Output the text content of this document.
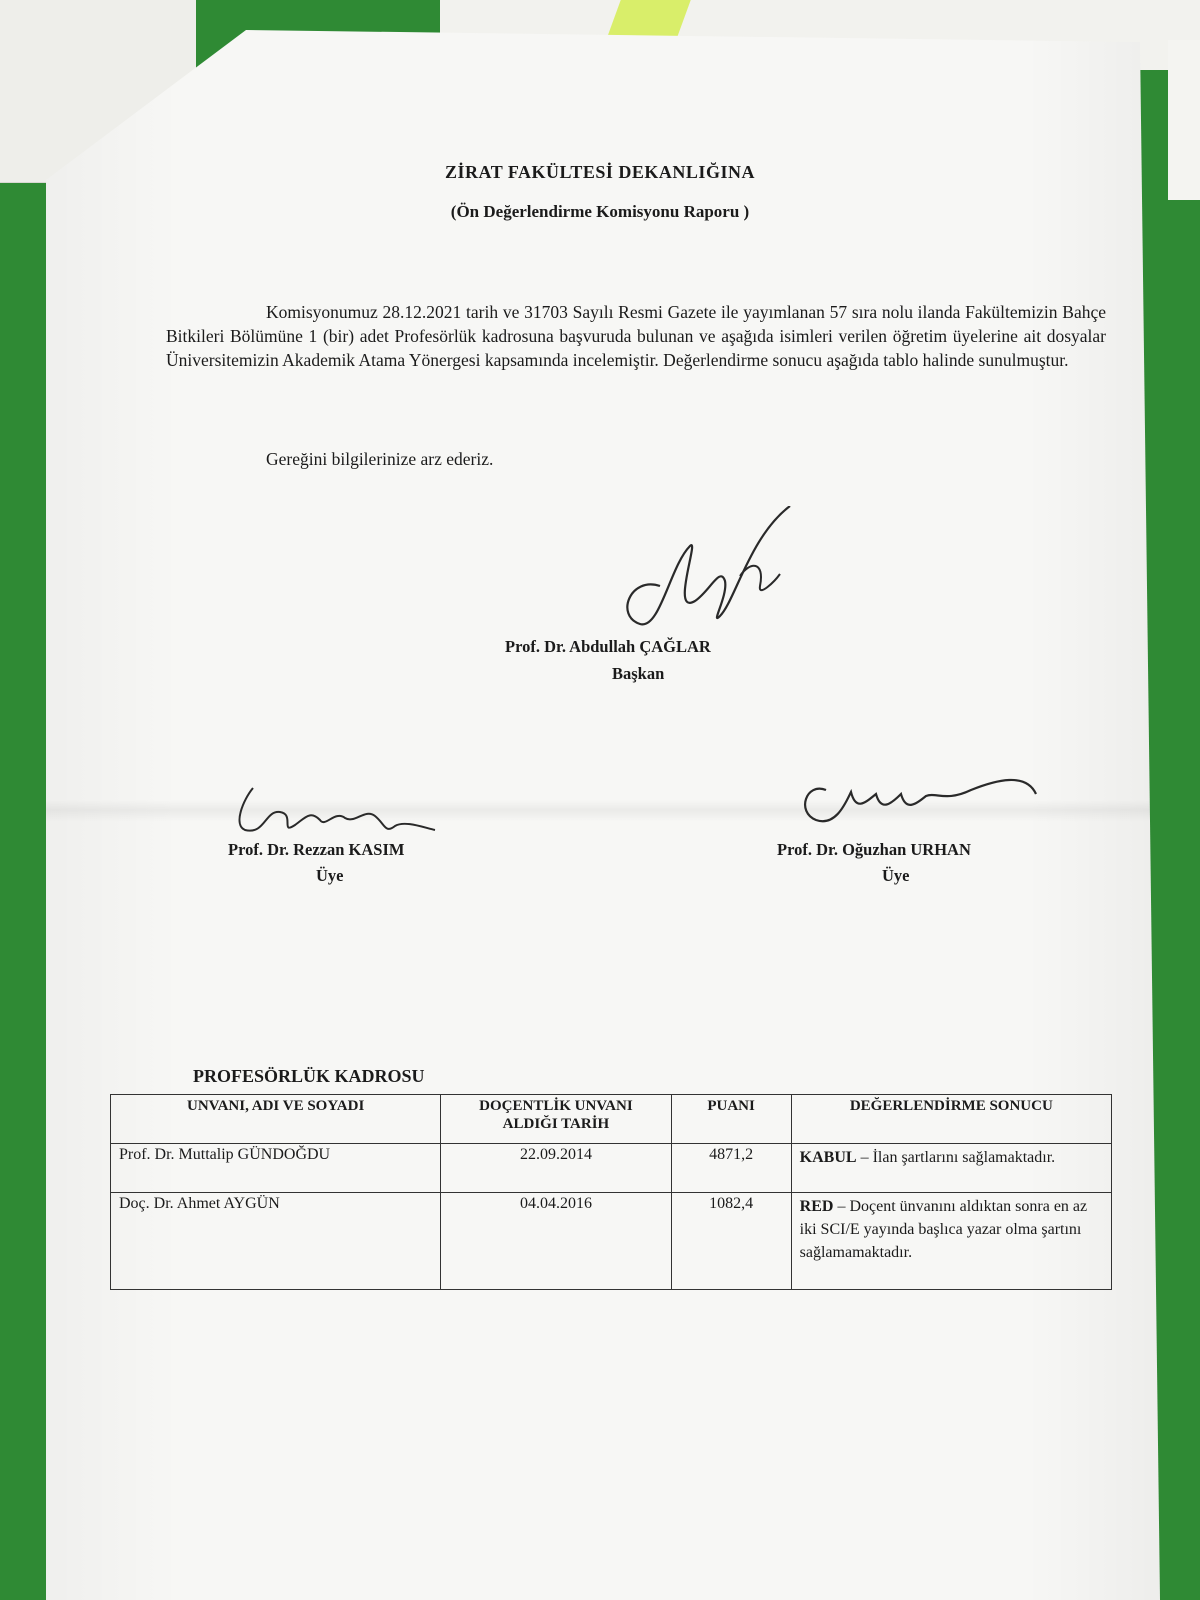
ZİRAT FAKÜLTESİ DEKANLIĞINA
(Ön Değerlendirme Komisyonu Raporu )
Komisyonumuz 28.12.2021 tarih ve 31703 Sayılı Resmi Gazete ile yayımlanan 57 sıra nolu ilanda Fakültemizin Bahçe Bitkileri Bölümüne 1 (bir) adet Profesörlük kadrosuna başvuruda bulunan ve aşağıda isimleri verilen öğretim üyelerine ait dosyalar Üniversitemizin Akademik Atama Yönergesi kapsamında incelemiştir. Değerlendirme sonucu aşağıda tablo halinde sunulmuştur.
Gereğini bilgilerinize arz ederiz.
Prof. Dr. Abdullah ÇAĞLAR
Başkan
Prof. Dr. Rezzan KASIM
Üye
Prof. Dr. Oğuzhan URHAN
Üye
PROFESÖRLÜK KADROSU
UNVANI, ADI VE SOYADI	DOÇENTLİK UNVANI
ALDIĞI TARİH
	PUANI	DEĞERLENDİRME SONUCU
Prof. Dr. Muttalip GÜNDOĞDU	22.09.2014	4871,2	KABUL – İlan şartlarını sağlamaktadır.
Doç. Dr. Ahmet AYGÜN	04.04.2016	1082,4	RED – Doçent ünvanını aldıktan sonra en az iki SCI/E yayında başlıca yazar olma şartını sağlamamaktadır.
